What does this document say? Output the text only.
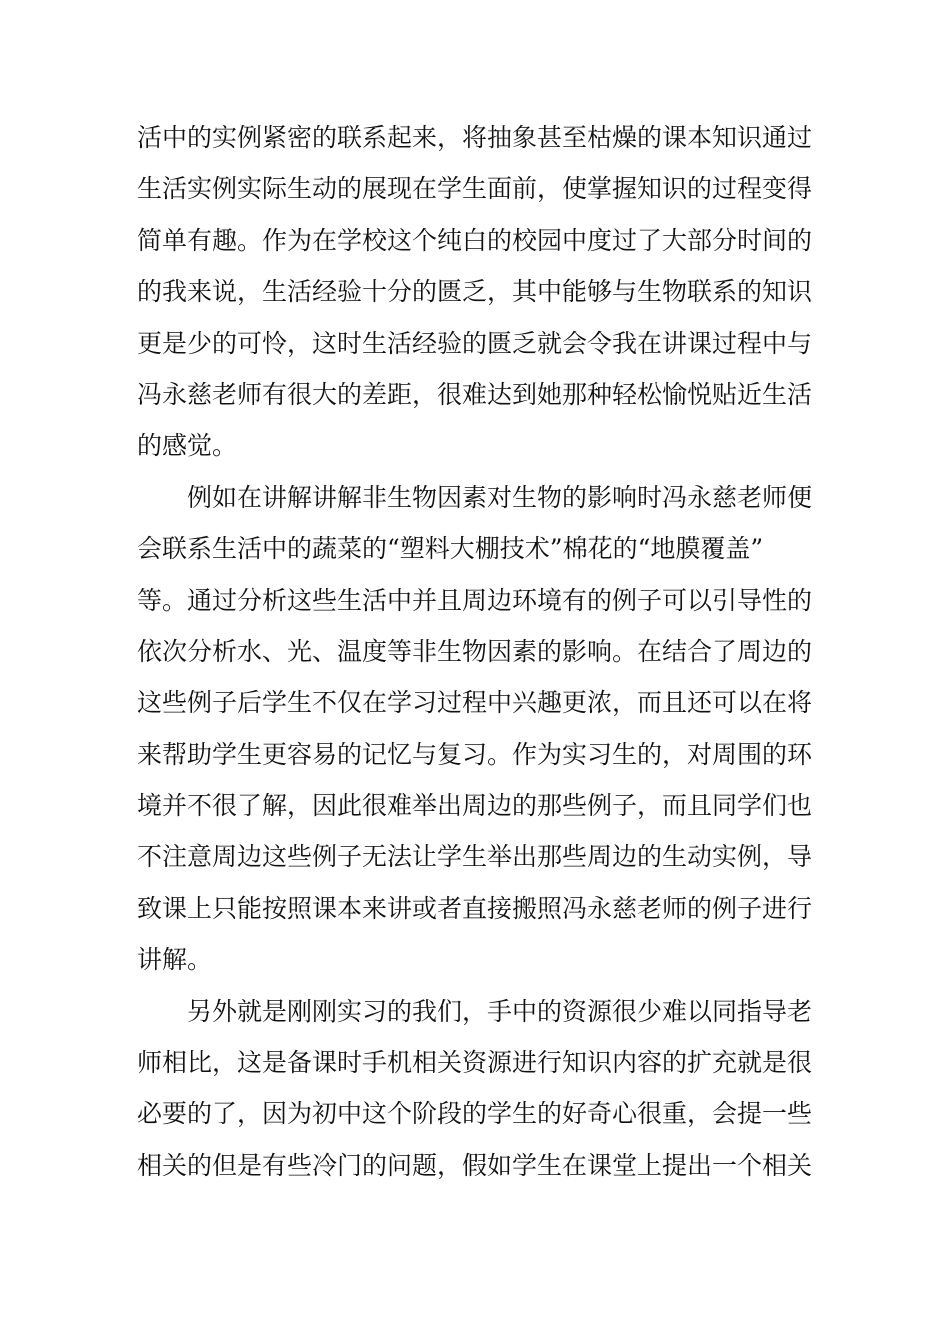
活中的实例紧密的联系起来，将抽象甚至枯燥的课本知识通过
生活实例实际生动的展现在学生面前，使掌握知识的过程变得
简单有趣。作为在学校这个纯白的校园中度过了大部分时间的
的我来说，生活经验十分的匮乏，其中能够与生物联系的知识
更是少的可怜，这时生活经验的匮乏就会令我在讲课过程中与
冯永慈老师有很大的差距，很难达到她那种轻松愉悦贴近生活
的感觉。
例如在讲解讲解非生物因素对生物的影响时冯永慈老师便
会联系生活中的蔬菜的“塑料大棚技术”棉花的“地膜覆盖”
等。通过分析这些生活中并且周边环境有的例子可以引导性的
依次分析水、光、温度等非生物因素的影响。在结合了周边的
这些例子后学生不仅在学习过程中兴趣更浓，而且还可以在将
来帮助学生更容易的记忆与复习。作为实习生的，对周围的环
境并不很了解，因此很难举出周边的那些例子，而且同学们也
不注意周边这些例子无法让学生举出那些周边的生动实例，导
致课上只能按照课本来讲或者直接搬照冯永慈老师的例子进行
讲解。
另外就是刚刚实习的我们，手中的资源很少难以同指导老
师相比，这是备课时手机相关资源进行知识内容的扩充就是很
必要的了，因为初中这个阶段的学生的好奇心很重，会提一些
相关的但是有些冷门的问题，假如学生在课堂上提出一个相关
